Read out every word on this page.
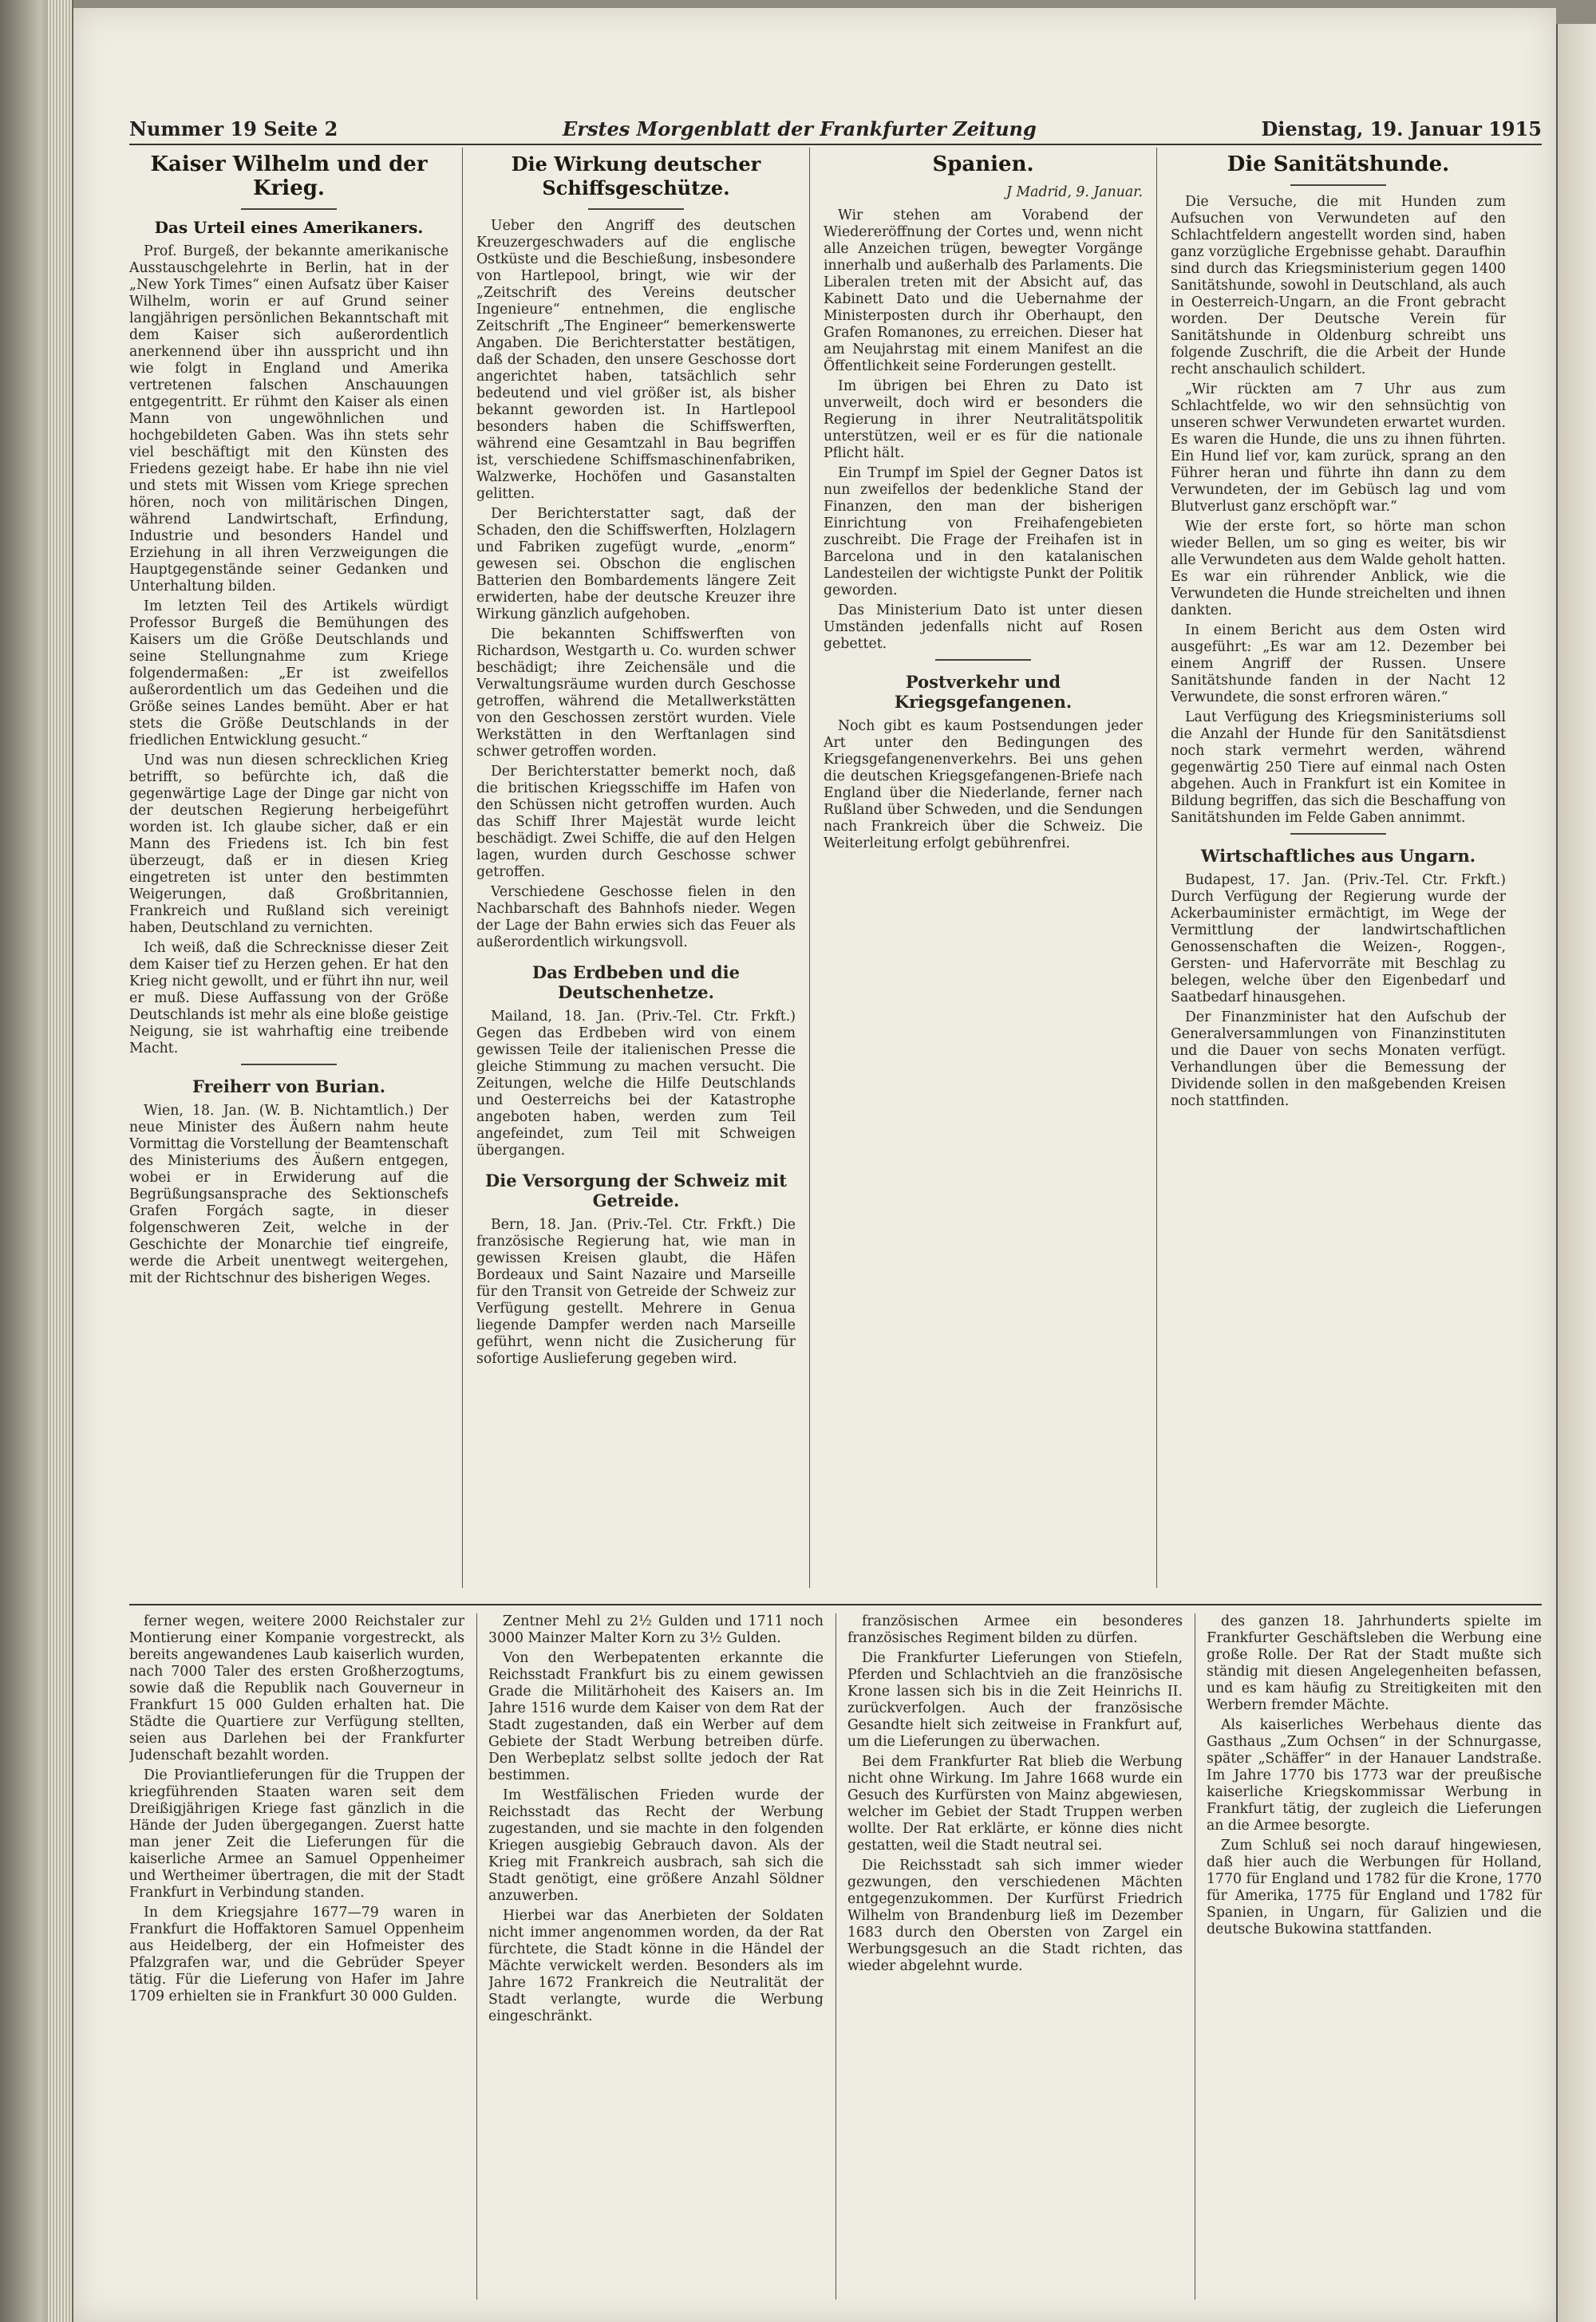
Nummer 19 Seite 2	Erstes Morgenblatt der Frankfurter Zeitung	Dienstag, 19. Januar 1915
Kaiser Wilhelm und der Krieg.
Das Urteil eines Amerikaners.

Prof. Burgeß, der bekannte amerikanische Ausstauschgelehrte in Berlin, hat in der „New York Times“ einen Aufsatz über Kaiser Wilhelm, worin er auf Grund seiner langjährigen persönlichen Bekanntschaft mit dem Kaiser sich außerordentlich anerkennend über ihn ausspricht und ihn wie folgt in England und Amerika vertretenen falschen Anschauungen entgegentritt. Er rühmt den Kaiser als einen Mann von ungewöhnlichen und hochgebildeten Gaben. Was ihn stets sehr viel beschäftigt mit den Künsten des Friedens gezeigt habe. Er habe ihn nie viel und stets mit Wissen vom Kriege sprechen hören, noch von militärischen Dingen, während Landwirtschaft, Erfindung, Industrie und besonders Handel und Erziehung in all ihren Verzweigungen die Hauptgegenstände seiner Gedanken und Unterhaltung bilden.

Im letzten Teil des Artikels würdigt Professor Burgeß die Bemühungen des Kaisers um die Größe Deutschlands und seine Stellungnahme zum Kriege folgendermaßen: „Er ist zweifellos außerordentlich um das Gedeihen und die Größe seines Landes bemüht. Aber er hat stets die Größe Deutschlands in der friedlichen Entwicklung gesucht.“

Und was nun diesen schrecklichen Krieg betrifft, so befürchte ich, daß die gegenwärtige Lage der Dinge gar nicht von der deutschen Regierung herbeigeführt worden ist. Ich glaube sicher, daß er ein Mann des Friedens ist. Ich bin fest überzeugt, daß er in diesen Krieg eingetreten ist unter den bestimmten Weigerungen, daß Großbritannien, Frankreich und Rußland sich vereinigt haben, Deutschland zu vernichten.

Ich weiß, daß die Schrecknisse dieser Zeit dem Kaiser tief zu Herzen gehen. Er hat den Krieg nicht gewollt, und er führt ihn nur, weil er muß. Diese Auffassung von der Größe Deutschlands ist mehr als eine bloße geistige Neigung, sie ist wahrhaftig eine treibende Macht.

Freiherr von Burian.

Wien, 18. Jan. (W. B. Nichtamtlich.) Der neue Minister des Äußern nahm heute Vormittag die Vorstellung der Beamtenschaft des Ministeriums des Äußern entgegen, wobei er in Erwiderung auf die Begrüßungsansprache des Sektionschefs Grafen Forgách sagte, in dieser folgenschweren Zeit, welche in der Geschichte der Monarchie tief eingreife, werde die Arbeit unentwegt weitergehen, mit der Richtschnur des bisherigen Weges.

Die Wirkung deutscher Schiffsgeschütze.

Ueber den Angriff des deutschen Kreuzergeschwaders auf die englische Ostküste und die Beschießung, insbesondere von Hartlepool, bringt, wie wir der „Zeitschrift des Vereins deutscher Ingenieure“ entnehmen, die englische Zeitschrift „The Engineer“ bemerkenswerte Angaben. Die Berichterstatter bestätigen, daß der Schaden, den unsere Geschosse dort angerichtet haben, tatsächlich sehr bedeutend und viel größer ist, als bisher bekannt geworden ist. In Hartlepool besonders haben die Schiffswerften, während eine Gesamtzahl in Bau begriffen ist, verschiedene Schiffsmaschinenfabriken, Walzwerke, Hochöfen und Gasanstalten gelitten.

Der Berichterstatter sagt, daß der Schaden, den die Schiffswerften, Holzlagern und Fabriken zugefügt wurde, „enorm“ gewesen sei. Obschon die englischen Batterien den Bombardements längere Zeit erwiderten, habe der deutsche Kreuzer ihre Wirkung gänzlich aufgehoben.

Die bekannten Schiffswerften von Richardson, Westgarth u. Co. wurden schwer beschädigt; ihre Zeichensäle und die Verwaltungsräume wurden durch Geschosse getroffen, während die Metallwerkstätten von den Geschossen zerstört wurden. Viele Werkstätten in den Werftanlagen sind schwer getroffen worden.

Der Berichterstatter bemerkt noch, daß die britischen Kriegsschiffe im Hafen von den Schüssen nicht getroffen wurden. Auch das Schiff Ihrer Majestät wurde leicht beschädigt. Zwei Schiffe, die auf den Helgen lagen, wurden durch Geschosse schwer getroffen.

Verschiedene Geschosse fielen in den Nachbarschaft des Bahnhofs nieder. Wegen der Lage der Bahn erwies sich das Feuer als außerordentlich wirkungsvoll.

Das Erdbeben und die Deutschenhetze.

Mailand, 18. Jan. (Priv.-Tel. Ctr. Frkft.) Gegen das Erdbeben wird von einem gewissen Teile der italienischen Presse die gleiche Stimmung zu machen versucht. Die Zeitungen, welche die Hilfe Deutschlands und Oesterreichs bei der Katastrophe angeboten haben, werden zum Teil angefeindet, zum Teil mit Schweigen übergangen.

Die Versorgung der Schweiz mit Getreide.

Bern, 18. Jan. (Priv.-Tel. Ctr. Frkft.) Die französische Regierung hat, wie man in gewissen Kreisen glaubt, die Häfen Bordeaux und Saint Nazaire und Marseille für den Transit von Getreide der Schweiz zur Verfügung gestellt. Mehrere in Genua liegende Dampfer werden nach Marseille geführt, wenn nicht die Zusicherung für sofortige Auslieferung gegeben wird.

Spanien.
J Madrid, 9. Januar.

Wir stehen am Vorabend der Wiedereröffnung der Cortes und, wenn nicht alle Anzeichen trügen, bewegter Vorgänge innerhalb und außerhalb des Parlaments. Die Liberalen treten mit der Absicht auf, das Kabinett Dato und die Uebernahme der Ministerposten durch ihr Oberhaupt, den Grafen Romanones, zu erreichen. Dieser hat am Neujahrstag mit einem Manifest an die Öffentlichkeit seine Forderungen gestellt.

Im übrigen bei Ehren zu Dato ist unverweilt, doch wird er besonders die Regierung in ihrer Neutralitätspolitik unterstützen, weil er es für die nationale Pflicht hält.

Ein Trumpf im Spiel der Gegner Datos ist nun zweifellos der bedenkliche Stand der Finanzen, den man der bisherigen Einrichtung von Freihafengebieten zuschreibt. Die Frage der Freihafen ist in Barcelona und in den katalanischen Landesteilen der wichtigste Punkt der Politik geworden.

Das Ministerium Dato ist unter diesen Umständen jedenfalls nicht auf Rosen gebettet.

Postverkehr und Kriegsgefangenen.

Noch gibt es kaum Postsendungen jeder Art unter den Bedingungen des Kriegsgefangenenverkehrs. Bei uns gehen die deutschen Kriegsgefangenen-Briefe nach England über die Niederlande, ferner nach Rußland über Schweden, und die Sendungen nach Frankreich über die Schweiz. Die Weiterleitung erfolgt gebührenfrei.

Die Sanitätshunde.

Die Versuche, die mit Hunden zum Aufsuchen von Verwundeten auf den Schlachtfeldern angestellt worden sind, haben ganz vorzügliche Ergebnisse gehabt. Daraufhin sind durch das Kriegsministerium gegen 1400 Sanitätshunde, sowohl in Deutschland, als auch in Oesterreich-Ungarn, an die Front gebracht worden. Der Deutsche Verein für Sanitätshunde in Oldenburg schreibt uns folgende Zuschrift, die die Arbeit der Hunde recht anschaulich schildert.

„Wir rückten am 7 Uhr aus zum Schlachtfelde, wo wir den sehnsüchtig von unseren schwer Verwundeten erwartet wurden. Es waren die Hunde, die uns zu ihnen führten. Ein Hund lief vor, kam zurück, sprang an den Führer heran und führte ihn dann zu dem Verwundeten, der im Gebüsch lag und vom Blutverlust ganz erschöpft war.“

Wie der erste fort, so hörte man schon wieder Bellen, um so ging es weiter, bis wir alle Verwundeten aus dem Walde geholt hatten. Es war ein rührender Anblick, wie die Verwundeten die Hunde streichelten und ihnen dankten.

In einem Bericht aus dem Osten wird ausgeführt: „Es war am 12. Dezember bei einem Angriff der Russen. Unsere Sanitätshunde fanden in der Nacht 12 Verwundete, die sonst erfroren wären.“

Laut Verfügung des Kriegsministeriums soll die Anzahl der Hunde für den Sanitätsdienst noch stark vermehrt werden, während gegenwärtig 250 Tiere auf einmal nach Osten abgehen. Auch in Frankfurt ist ein Komitee in Bildung begriffen, das sich die Beschaffung von Sanitätshunden im Felde Gaben annimmt.

Wirtschaftliches aus Ungarn.

Budapest, 17. Jan. (Priv.-Tel. Ctr. Frkft.) Durch Verfügung der Regierung wurde der Ackerbauminister ermächtigt, im Wege der Vermittlung der landwirtschaftlichen Genossenschaften die Weizen-, Roggen-, Gersten- und Hafervorräte mit Beschlag zu belegen, welche über den Eigenbedarf und Saatbedarf hinausgehen.

Der Finanzminister hat den Aufschub der Generalversammlungen von Finanzinstituten und die Dauer von sechs Monaten verfügt. Verhandlungen über die Bemessung der Dividende sollen in den maßgebenden Kreisen noch stattfinden.

ferner wegen, weitere 2000 Reichstaler zur Montierung einer Kompanie vorgestreckt, als bereits angewandenes Laub kaiserlich wurden, nach 7000 Taler des ersten Großherzogtums, sowie daß die Republik nach Gouverneur in Frankfurt 15 000 Gulden erhalten hat. Die Städte die Quartiere zur Verfügung stellten, seien aus Darlehen bei der Frankfurter Judenschaft bezahlt worden.

Die Proviantlieferungen für die Truppen der kriegführenden Staaten waren seit dem Dreißigjährigen Kriege fast gänzlich in die Hände der Juden übergegangen. Zuerst hatte man jener Zeit die Lieferungen für die kaiserliche Armee an Samuel Oppenheimer und Wertheimer übertragen, die mit der Stadt Frankfurt in Verbindung standen.

In dem Kriegsjahre 1677—79 waren in Frankfurt die Hoffaktoren Samuel Oppenheim aus Heidelberg, der ein Hofmeister des Pfalzgrafen war, und die Gebrüder Speyer tätig. Für die Lieferung von Hafer im Jahre 1709 erhielten sie in Frankfurt 30 000 Gulden.

Zentner Mehl zu 2½ Gulden und 1711 noch 3000 Mainzer Malter Korn zu 3½ Gulden.

Von den Werbepatenten erkannte die Reichsstadt Frankfurt bis zu einem gewissen Grade die Militärhoheit des Kaisers an. Im Jahre 1516 wurde dem Kaiser von dem Rat der Stadt zugestanden, daß ein Werber auf dem Gebiete der Stadt Werbung betreiben dürfe. Den Werbeplatz selbst sollte jedoch der Rat bestimmen.

Im Westfälischen Frieden wurde der Reichsstadt das Recht der Werbung zugestanden, und sie machte in den folgenden Kriegen ausgiebig Gebrauch davon. Als der Krieg mit Frankreich ausbrach, sah sich die Stadt genötigt, eine größere Anzahl Söldner anzuwerben.

Hierbei war das Anerbieten der Soldaten nicht immer angenommen worden, da der Rat fürchtete, die Stadt könne in die Händel der Mächte verwickelt werden. Besonders als im Jahre 1672 Frankreich die Neutralität der Stadt verlangte, wurde die Werbung eingeschränkt.

französischen Armee ein besonderes französisches Regiment bilden zu dürfen.

Die Frankfurter Lieferungen von Stiefeln, Pferden und Schlachtvieh an die französische Krone lassen sich bis in die Zeit Heinrichs II. zurückverfolgen. Auch der französische Gesandte hielt sich zeitweise in Frankfurt auf, um die Lieferungen zu überwachen.

Bei dem Frankfurter Rat blieb die Werbung nicht ohne Wirkung. Im Jahre 1668 wurde ein Gesuch des Kurfürsten von Mainz abgewiesen, welcher im Gebiet der Stadt Truppen werben wollte. Der Rat erklärte, er könne dies nicht gestatten, weil die Stadt neutral sei.

Die Reichsstadt sah sich immer wieder gezwungen, den verschiedenen Mächten entgegenzukommen. Der Kurfürst Friedrich Wilhelm von Brandenburg ließ im Dezember 1683 durch den Obersten von Zargel ein Werbungsgesuch an die Stadt richten, das wieder abgelehnt wurde.

des ganzen 18. Jahrhunderts spielte im Frankfurter Geschäftsleben die Werbung eine große Rolle. Der Rat der Stadt mußte sich ständig mit diesen Angelegenheiten befassen, und es kam häufig zu Streitigkeiten mit den Werbern fremder Mächte.

Als kaiserliches Werbehaus diente das Gasthaus „Zum Ochsen“ in der Schnurgasse, später „Schäffer“ in der Hanauer Landstraße. Im Jahre 1770 bis 1773 war der preußische kaiserliche Kriegskommissar Werbung in Frankfurt tätig, der zugleich die Lieferungen an die Armee besorgte.

Zum Schluß sei noch darauf hingewiesen, daß hier auch die Werbungen für Holland, 1770 für England und 1782 für die Krone, 1770 für Amerika, 1775 für England und 1782 für Spanien, in Ungarn, für Galizien und die deutsche Bukowina stattfanden.
